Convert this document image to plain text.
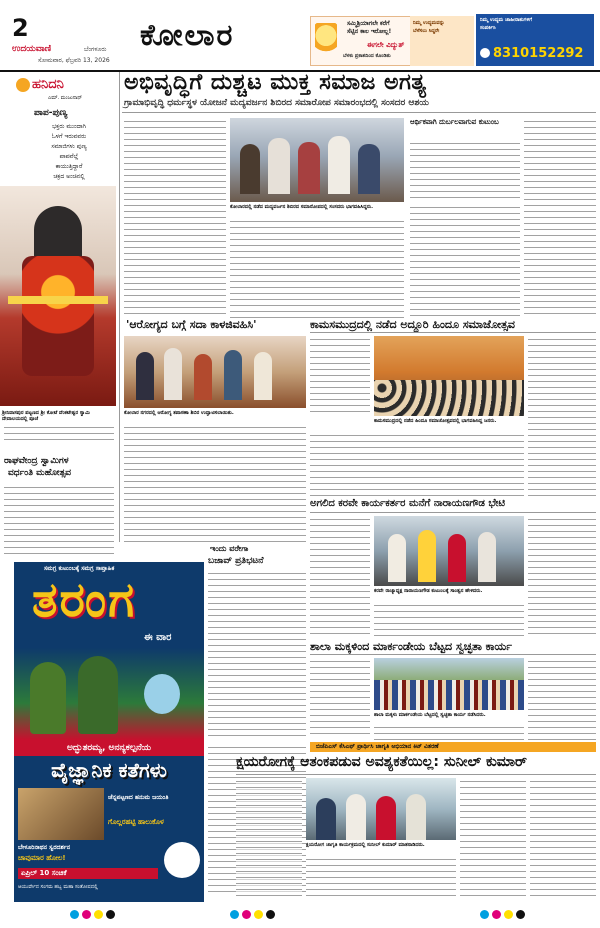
2
ಉದಯವಾಣಿ	ಬೆಂಗಳೂರು
ಸೋಮವಾರ, ಫೆಬ್ರವರಿ 13, 2026
ಕೋಲಾರ	ಸಮ್ಮಿಶ್ರಿಯಾಗಲೇ ಕರೆಗೆ
ಸೆಟ್ಟಿನ ಕಾಲ ಇರೋಲ್ಲ!
ಈಗಲೇ ವಿದ್ಯುತ್
ಬೆಳಕು ಪ್ರಕಾಶದಿಂದ ಕೊಂಡಿತು
ನಿಮ್ಮ ಉದ್ಯಮವನ್ನು
ಬೆಳೆಸಲು ಸಿದ್ಧರೇ
ನಿಮ್ಮ ಉದ್ಯಮ ಜಾಹೀರಾತುಗಳಿಗೆ
ಸಂಪರ್ಕಿಸಿ
8310152292
ಹನಿದನಿ
ಎಮ್. ಮಂಜುನಾಥ್
ಪಾಪ-ಪುಣ್ಯ
ಭಕ್ತರು ಮುಂದಾಗಿ
ಓಳಗೆ ಇರುವವರು
ಸಮಾಜಿಗಳು ಪುಣ್ಯ
ಪಾಪವೆಲ್ಲೆ
ಕಾಯುತ್ತಿದ್ದಾರೆ
ಚಕ್ರದ ಅಂಚಿನಲ್ಲಿ
ಶ್ರೀನಿವಾಸಪುರ ಪಟ್ಟಣದ ಶ್ರೀ ಕೋಟೆ ವೆಂಕಟೇಶ್ವರ ಸ್ವಾಮಿ ದೇವಾಲಯದಲ್ಲಿ ಪೂಜೆ
ರಾಘವೇಂದ್ರ ಸ್ವಾಮಿಗಳ
ವರ್ಧಂತಿ ಮಹೋತ್ಸವ
ಅಭಿವೃದ್ಧಿಗೆ ದುಶ್ಚಟ ಮುಕ್ತ ಸಮಾಜ ಅಗತ್ಯ
ಗ್ರಾಮಾಭಿವೃದ್ಧಿ ಧರ್ಮಸ್ಥಳ ಯೋಜನೆ ಮದ್ಯವರ್ಜನ ಶಿಬಿರದ ಸಮಾರೋಪ ಸಮಾರಂಭದಲ್ಲಿ ಸಂಸದರ ಆಶಯ
ಕೋಲಾರದಲ್ಲಿ ನಡೆದ ಮದ್ಯವರ್ಜನ ಶಿಬಿರದ ಸಮಾರೋಪದಲ್ಲಿ ಸಂಸದರು ಭಾಗವಹಿಸಿದ್ದರು.
ಆರ್ಥಿಕವಾಗಿ ದುರ್ಬಲವಾಗುವ ಕುಟುಂಬ
'ಆರೋಗ್ಯದ ಬಗ್ಗೆ ಸದಾ ಕಾಳಜಿವಹಿಸಿ'
ಕೋಲಾರ ನಗರದಲ್ಲಿ ಆರೋಗ್ಯ ತಪಾಸಣಾ ಶಿಬಿರ ಉದ್ಘಾಟಿಸಲಾಯಿತು.
ಕಾಮಸಮುದ್ರದಲ್ಲಿ ನಡೆದ ಅದ್ದೂರಿ ಹಿಂದೂ ಸಮಾಜೋತ್ಸವ
ಕಾಮಸಮುದ್ರದಲ್ಲಿ ನಡೆದ ಹಿಂದೂ ಸಮಾಜೋತ್ಸವದಲ್ಲಿ ಭಾಗವಹಿಸಿದ್ದ ಜನರು.
ಅಗಲಿದ ಕರವೇ ಕಾರ್ಯಕರ್ತರ ಮನೆಗೆ ನಾರಾಯಣಗೌಡ ಭೇಟಿ
ಕರವೇ ರಾಜ್ಯಾಧ್ಯಕ್ಷ ನಾರಾಯಣಗೌಡ ಕುಟುಂಬಕ್ಕೆ ಸಾಂತ್ವನ ಹೇಳಿದರು.
ಇಂದು ವರೇಗಾ
ಬಜಾವ್ ಪ್ರತಿಭಟನೆ
ಶಾಲಾ ಮಕ್ಕಳಿಂದ ಮಾರ್ಕಂಡೇಯ ಬೆಟ್ಟದ ಸ್ವಚ್ಛತಾ ಕಾರ್ಯ
ಶಾಲಾ ಮಕ್ಕಳು ಮಾರ್ಕಂಡೇಯ ಬೆಟ್ಟದಲ್ಲಿ ಸ್ವಚ್ಛತಾ ಕಾರ್ಯ ನಡೆಸಿದರು.
ಸಮಗ್ರ ಕುಟುಂಬಕ್ಕೆ ಸಮಗ್ರ ಸಾಪ್ತಾಹಿಕ
ತರಂಗ
ಈ ವಾರ
ಅದ್ಭುತರಮ್ಯ, ಅನನ್ಯಕಲ್ಪನೆಯ
ವೈಜ್ಞಾನಿಕ ಕತೆಗಳು
ಚೆನ್ನಪಟ್ಟಣದ ಹನುಮ ಜಯಂತಿ
ಗೊಲ್ಲರಹಟ್ಟಿ ಹಾಲುಕೊಳ
ಬೇಳೂರಿನಾಥನ ಸ್ವರದರ್ಶನ
ಚಾವುಮಾರ ಹೋಲ!
ಏಪ್ರಿಲ್ 10 ಸಂಚಿಕೆ
ಆಯುರ್ವೇದ ಸಂಗಮ ಹಬ್ಬ ಮಹಾ ಸಂತೋಷದಲ್ಲಿ
ಬಿಜೆಪಿಎಸ್ ಕೆಸಿಎಫ್ ಪ್ರಾರ್ಥಿಸಿ ಜಾಗೃತಿ ಅಭಿಯಾನ ಕಿಟ್ ವಿತರಣೆ
ಕ್ಷಯರೋಗಕ್ಕೆ ಆತಂಕಪಡುವ ಅವಶ್ಯಕತೆಯಿಲ್ಲ: ಸುನೀಲ್ ಕುಮಾರ್
ಕ್ಷಯರೋಗ ಜಾಗೃತಿ ಕಾರ್ಯಕ್ರಮದಲ್ಲಿ ಸುನೀಲ್ ಕುಮಾರ್ ಮಾತನಾಡಿದರು.
